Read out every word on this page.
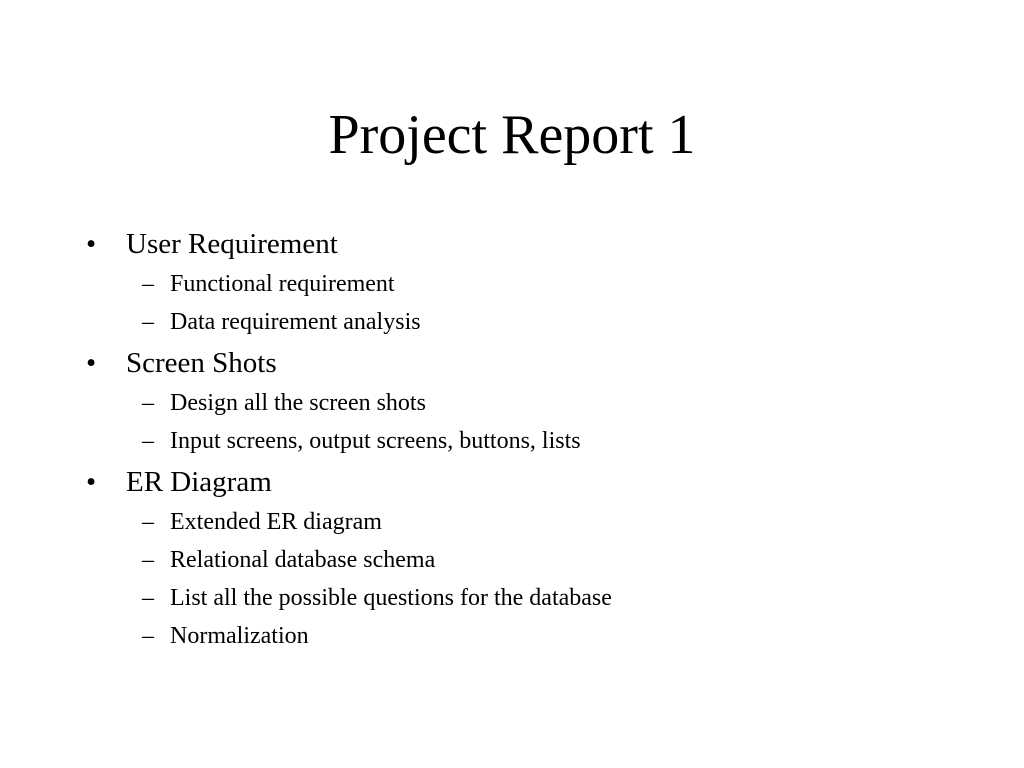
Project Report 1
•	User Requirement
– Functional requirement
– Data requirement analysis
•	Screen Shots
– Design all the screen shots
– Input screens, output screens, buttons, lists
•	ER Diagram
– Extended ER diagram
– Relational database schema
– List all the possible questions for the database
– Normalization
